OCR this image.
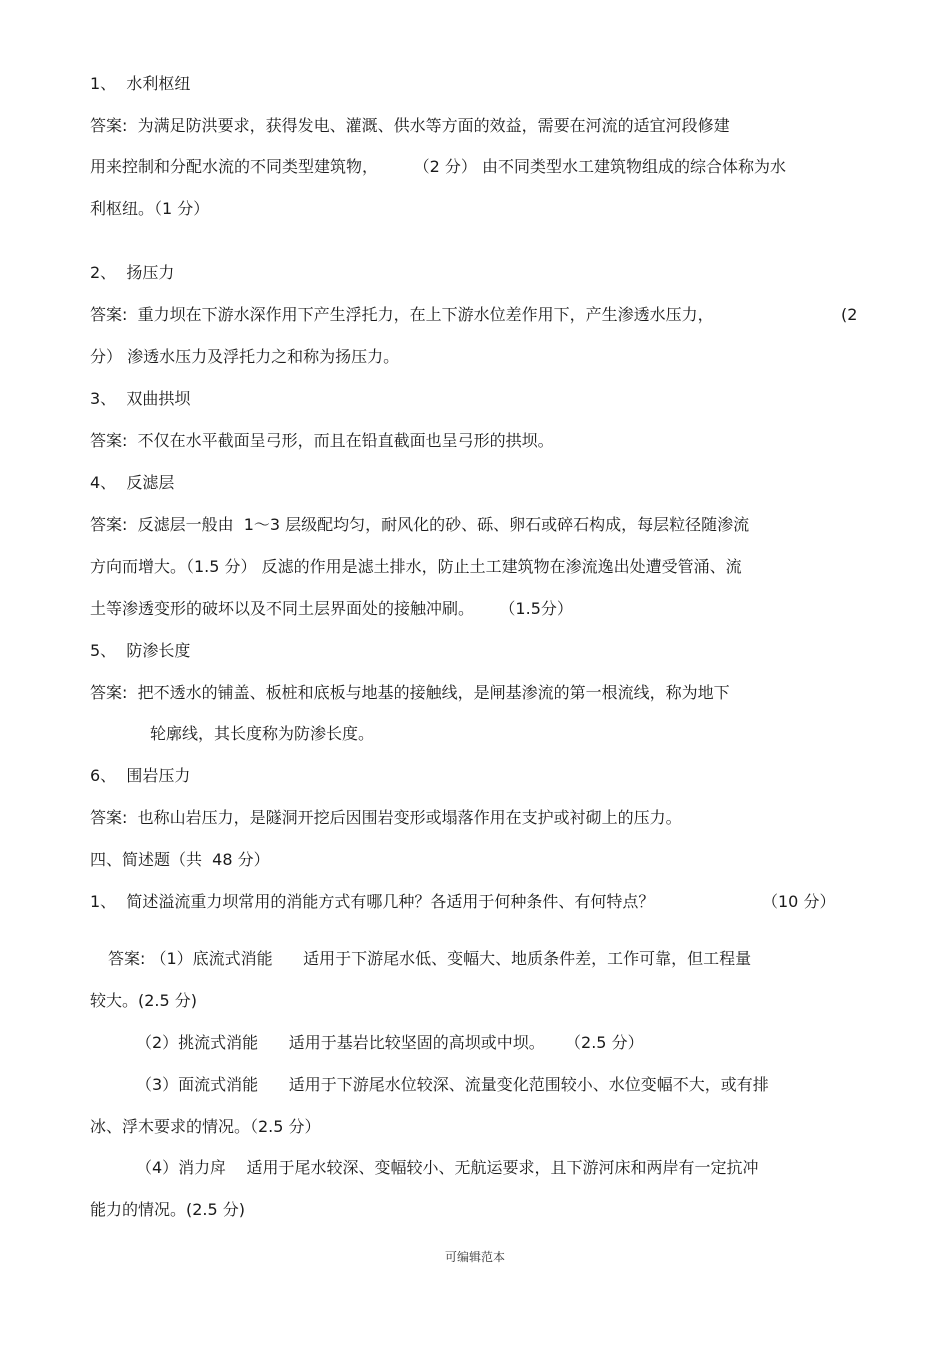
1、  水利枢纽
答案:  为满足防洪要求，获得发电、灌溉、供水等方面的效益，需要在河流的适宜河段修建
用来控制和分配水流的不同类型建筑物，       （2 分） 由不同类型水工建筑物组成的综合体称为水
利枢纽。（1 分）
2、  扬压力
答案:  重力坝在下游水深作用下产生浮托力，在上下游水位差作用下，产生渗透水压力，	(2
分） 渗透水压力及浮托力之和称为扬压力。
3、  双曲拱坝
答案:  不仅在水平截面呈弓形，而且在铅直截面也呈弓形的拱坝。
4、  反滤层
答案:  反滤层一般由  1～3 层级配均匀，耐风化的砂、砾、卵石或碎石构成，每层粒径随渗流
方向而增大。（1.5 分） 反滤的作用是滤土排水，防止土工建筑物在渗流逸出处遭受管涌、流
土等渗透变形的破坏以及不同土层界面处的接触冲刷。     （1.5分）
5、  防渗长度
答案:  把不透水的铺盖、板桩和底板与地基的接触线，是闸基渗流的第一根流线，称为地下
轮廓线，其长度称为防渗长度。
6、  围岩压力
答案:  也称山岩压力，是隧洞开挖后因围岩变形或塌落作用在支护或衬砌上的压力。
四、简述题（共  48 分）
1、  简述溢流重力坝常用的消能方式有哪几种？各适用于何种条件、有何特点？	（10 分）
答案: （1）底流式消能      适用于下游尾水低、变幅大、地质条件差，工作可靠，但工程量
较大。(2.5 分)
（2）挑流式消能      适用于基岩比较坚固的高坝或中坝。    （2.5 分）
（3）面流式消能      适用于下游尾水位较深、流量变化范围较小、水位变幅不大，或有排
冰、浮木要求的情况。（2.5 分）
（4）消力戽    适用于尾水较深、变幅较小、无航运要求，且下游河床和两岸有一定抗冲
能力的情况。(2.5 分)
可编辑范本
